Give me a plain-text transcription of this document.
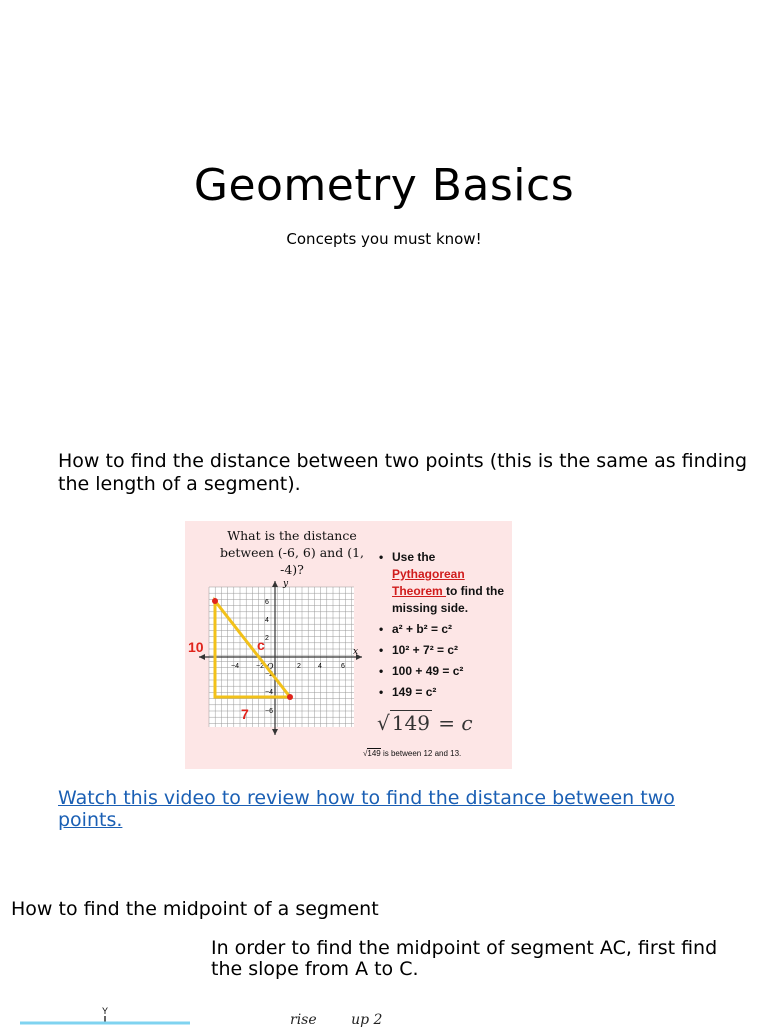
Geometry Basics
Concepts you must know!
How to find the distance between two points (this is the same as finding the length of a segment).
What is the distance between (-6, 6) and (1, -4)?
y
x
O
−4 −2	2 4	6
6
4
2
−2
−4
−6
10
7
c
• Use the Pythagorean Theorem to find the missing side.
• a² + b² = c²
• 10² + 7² = c²
• 100 + 49 = c²
• 149 = c²
√ 149 = c
√149 is between 12 and 13.
Watch this video to review how to find the distance between two points.
How to find the midpoint of a segment
In order to find the midpoint of segment AC, first find the slope from A to C.
Y
rise up 2
